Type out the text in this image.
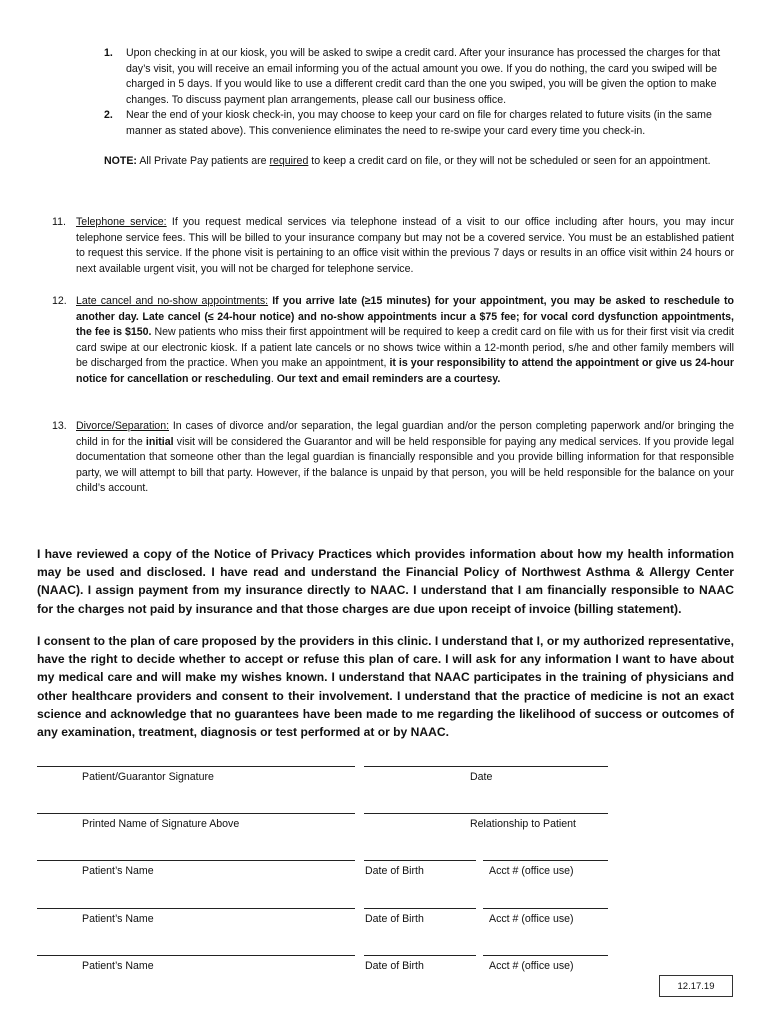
1. Upon checking in at our kiosk, you will be asked to swipe a credit card. After your insurance has processed the charges for that day’s visit, you will receive an email informing you of the actual amount you owe. If you do nothing, the card you swiped will be charged in 5 days. If you would like to use a different credit card than the one you swiped, you will be given the option to make changes. To discuss payment plan arrangements, please call our business office.
2. Near the end of your kiosk check-in, you may choose to keep your card on file for charges related to future visits (in the same manner as stated above). This convenience eliminates the need to re-swipe your card every time you check-in.
NOTE: All Private Pay patients are required to keep a credit card on file, or they will not be scheduled or seen for an appointment.
11. Telephone service: If you request medical services via telephone instead of a visit to our office including after hours, you may incur telephone service fees. This will be billed to your insurance company but may not be a covered service. You must be an established patient to request this service. If the phone visit is pertaining to an office visit within the previous 7 days or results in an office visit within 24 hours or next available urgent visit, you will not be charged for telephone service.
12. Late cancel and no-show appointments: If you arrive late (≥15 minutes) for your appointment, you may be asked to reschedule to another day. Late cancel (≤ 24-hour notice) and no-show appointments incur a $75 fee; for vocal cord dysfunction appointments, the fee is $150. New patients who miss their first appointment will be required to keep a credit card on file with us for their first visit via credit card swipe at our electronic kiosk. If a patient late cancels or no shows twice within a 12-month period, s/he and other family members will be discharged from the practice. When you make an appointment, it is your responsibility to attend the appointment or give us 24-hour notice for cancellation or rescheduling. Our text and email reminders are a courtesy.
13. Divorce/Separation: In cases of divorce and/or separation, the legal guardian and/or the person completing paperwork and/or bringing the child in for the initial visit will be considered the Guarantor and will be held responsible for paying any medical services. If you provide legal documentation that someone other than the legal guardian is financially responsible and you provide billing information for that responsible party, we will attempt to bill that party. However, if the balance is unpaid by that person, you will be held responsible for the balance on your child’s account.
I have reviewed a copy of the Notice of Privacy Practices which provides information about how my health information may be used and disclosed. I have read and understand the Financial Policy of Northwest Asthma & Allergy Center (NAAC). I assign payment from my insurance directly to NAAC. I understand that I am financially responsible to NAAC for the charges not paid by insurance and that those charges are due upon receipt of invoice (billing statement).
I consent to the plan of care proposed by the providers in this clinic. I understand that I, or my authorized representative, have the right to decide whether to accept or refuse this plan of care. I will ask for any information I want to have about my medical care and will make my wishes known. I understand that NAAC participates in the training of physicians and other healthcare providers and consent to their involvement. I understand that the practice of medicine is not an exact science and acknowledge that no guarantees have been made to me regarding the likelihood of success or outcomes of any examination, treatment, diagnosis or test performed at or by NAAC.
Patient/Guarantor Signature	Date
Printed Name of Signature Above	Relationship to Patient
Patient’s Name	Date of Birth	Acct # (office use)
Patient’s Name	Date of Birth	Acct # (office use)
Patient’s Name	Date of Birth	Acct # (office use)
12.17.19
